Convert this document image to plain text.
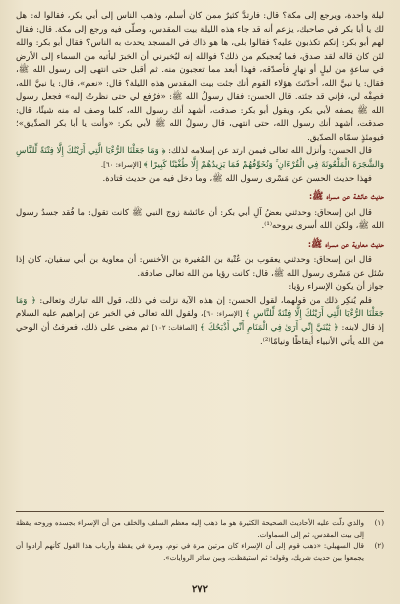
ليلة واحدة، ويرجع إلى مكة؟ قال: فارتدَّ كثيرٌ ممن كان أسلم، وذهب الناس إلى أبي بكر، فقالوا له: هل لك يا أبا بكر في صاحبك، يزعم أنه قد جاء هذه الليلة بيت المقدس، وصلّى فيه ورجع إلى مكة. قال: فقال لهم أبو بكر: إنكم تكذبون عليه؟ فقالوا بلى، ها هو ذاك في المسجد يحدث به الناس؟ فقال أبو بكر: والله لئن كان قاله لقد صدق، فما يُعجبكم من ذلك؟ فوالله إنه ليُخبرني أن الخبرَ ليأتيه من السماء إلى الأرض في ساعةٍ من ليلٍ أو نهارٍ فأصدّقه، فهذا أبعد مما تعجبون منه. ثم أقبل حتى انتهى إلى رسول الله ﷺ، فقال: يا نبيَّ الله، أحدّثتَ هؤلاء القوم أنك جئت بيت المقدس هذه الليلة؟ قال: «نعم»، قال: يا نبيَّ الله، فصِفْه لي، فإني قد جئته. قال الحسن: فقال رسولُ الله ﷺ: «فرُفع لي حتى نظرتُ إليه» فجعل رسول الله ﷺ يصفه لأبي بكر، ويقول أبو بكر: صدقت، أشهد أنك رسول الله، كلما وصف له منه شيئًا، قال: صدقت، أشهد أنك رسول الله، حتى انتهى، قال رسولُ الله ﷺ لأبي بكر: «وأنت يا أبا بكر الصدِّيق»؛ فيومئذٍ سمّاه الصدّيق.

قال الحسن: وأنزل الله تعالى فيمن ارتد عن إسلامه لذلك: ﴿ وَمَا جَعَلْنَا الرُّءْيَا الَّتِي أَرَيْنَٰكَ إِلَّا فِتْنَةً لِّلنَّاسِ وَالشَّجَرَةَ الْمَلْعُونَةَ فِي الْقُرْءَانِ ۚ وَنُخَوِّفُهُمْ فَمَا يَزِيدُهُمْ إِلَّا طُغْيَٰنًا كَبِيرًا ﴾ [الإسراء: ٦٠].

فهذا حديث الحسن عن مَسْرى رسول الله ﷺ، وما دخل فيه من حديث قتادة.

حديث عائشة عن مسراه ﷺ:

قال ابن إسحاق: وحدثني بعضُ آلِ أبي بكر: أن عائشة زوج النبي ﷺ كانت تقول: ما فُقد جسدُ رسول الله ﷺ، ولكن الله أسرى بروحه⁽¹⁾.

حديث معاوية عن مسراه ﷺ:

قال ابن إسحاق: وحدثني يعقوب بن عُتْبة بن المُغيرة بن الأخنس: أن معاوية بن أبي سفيان، كان إذا سُئل عن مَسْرى رسول الله ﷺ، قال: كانت رؤيا من الله تعالى صادقة.

جواز أن يكون الإسراء رؤيا:

فلم يُنكِر ذلك من قولهما، لقول الحسن: إن هذه الآية نزلت في ذلك، قول الله تبارك وتعالى: ﴿ وَمَا جَعَلْنَا الرُّءْيَا الَّتِي أَرَيْنَٰكَ إِلَّا فِتْنَةً لِّلنَّاسِ ﴾ [الإسراء: ٦٠]، ولقول الله تعالى في الخبر عن إبراهيم عليه السلام إذ قال لابنه: ﴿ يَٰبُنَيَّ إِنِّي أَرَىٰ فِي الْمَنَامِ أَنِّي أَذْبَحُكَ ﴾ [الصافات: ١٠٢] ثم مضى على ذلك، فعرفتُ أن الوحي من الله يأتي الأنبياء أيقاظًا ونيامًا⁽²⁾.

(١)
والذي دلّت عليه الأحاديث الصحيحة الكثيرة هو ما ذهب إليه معظم السلف والخلف من أن الإسراء بجسده وروحه يقظة إلى بيت المقدس، ثم إلى السماوات.
(٢)
قال السهيلي: «ذهب قوم إلى أن الإسراء كان مرتين مرة في نوم، ومرة في يقظة وأرباب هذا القول كأنهم أرادوا أن يجمعوا بين حديث شريك، وقوله: ثم استيقظت، وبين سائر الروايات».
٢٧٢
